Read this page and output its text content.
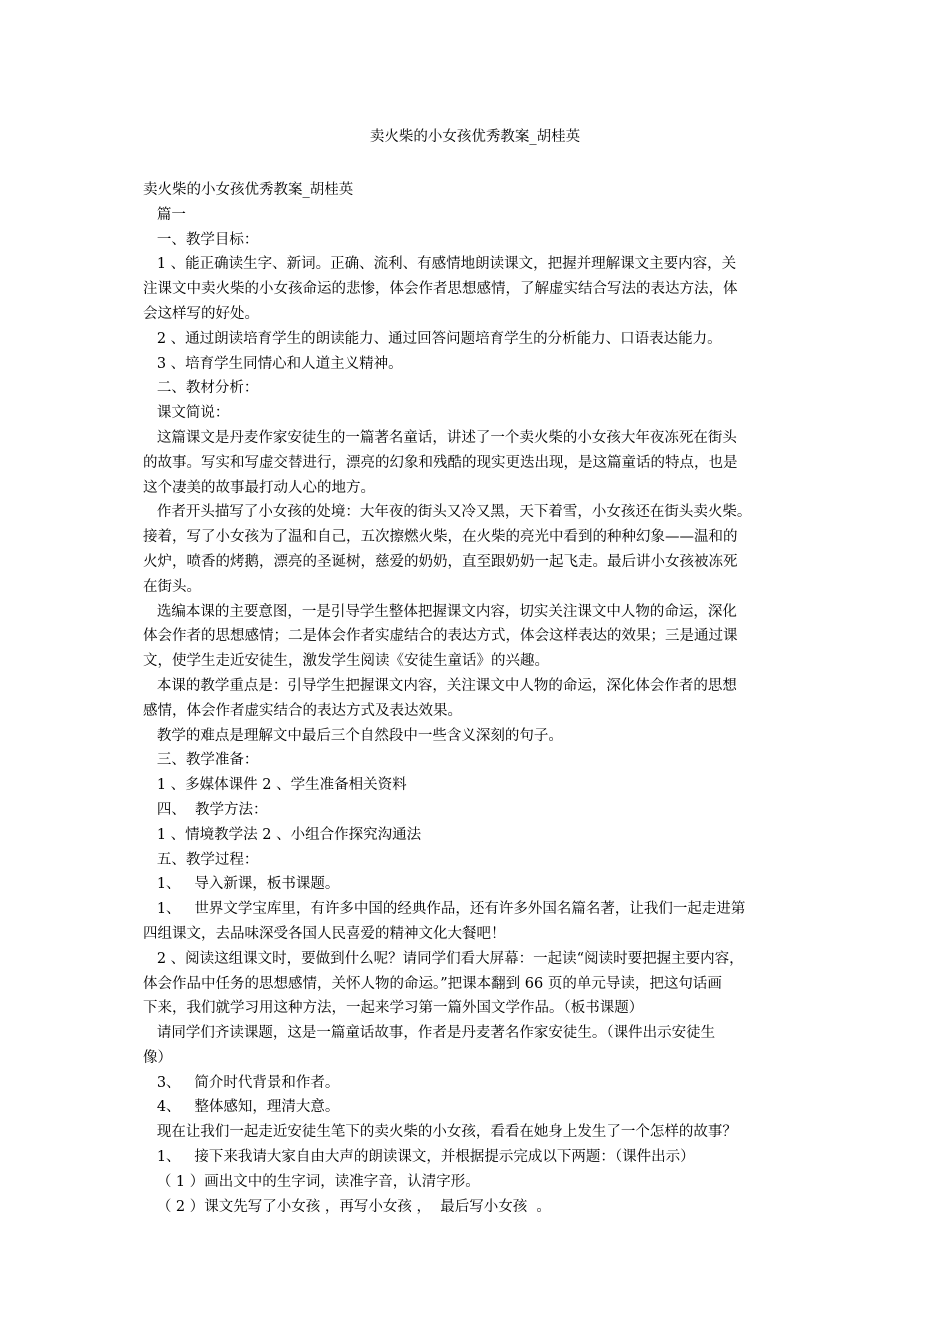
卖火柴的小女孩优秀教案_胡桂英
卖火柴的小女孩优秀教案_胡桂英
篇一
一、教学目标：
1 、能正确读生字、新词。正确、流利、有感情地朗读课文，把握并理解课文主要内容，关
注课文中卖火柴的小女孩命运的悲惨，体会作者思想感情，了解虚实结合写法的表达方法，体
会这样写的好处。
2 、通过朗读培育学生的朗读能力、通过回答问题培育学生的分析能力、口语表达能力。
3 、培育学生同情心和人道主义精神。
二、教材分析：
课文简说：
这篇课文是丹麦作家安徒生的一篇著名童话，讲述了一个卖火柴的小女孩大年夜冻死在街头
的故事。写实和写虚交替进行，漂亮的幻象和残酷的现实更迭出现，是这篇童话的特点，也是
这个凄美的故事最打动人心的地方。
作者开头描写了小女孩的处境：大年夜的街头又冷又黑，天下着雪，小女孩还在街头卖火柴。
接着，写了小女孩为了温和自己，五次擦燃火柴，在火柴的亮光中看到的种种幻象——温和的
火炉，喷香的烤鹅，漂亮的圣诞树，慈爱的奶奶，直至跟奶奶一起飞走。最后讲小女孩被冻死
在街头。
选编本课的主要意图，一是引导学生整体把握课文内容，切实关注课文中人物的命运，深化
体会作者的思想感情；二是体会作者实虚结合的表达方式，体会这样表达的效果；三是通过课
文，使学生走近安徒生，激发学生阅读《安徒生童话》的兴趣。
本课的教学重点是：引导学生把握课文内容，关注课文中人物的命运，深化体会作者的思想
感情，体会作者虚实结合的表达方式及表达效果。
教学的难点是理解文中最后三个自然段中一些含义深刻的句子。
三、教学准备：
1 、多媒体课件 2 、学生准备相关资料
四、  教学方法：
1 、情境教学法 2 、小组合作探究沟通法
五、教学过程：
1、   导入新课，板书课题。
1、   世界文学宝库里，有许多中国的经典作品，还有许多外国名篇名著，让我们一起走进第
四组课文，去品味深受各国人民喜爱的精神文化大餐吧！
2 、阅读这组课文时，要做到什么呢？请同学们看大屏幕：一起读“阅读时要把握主要内容，
体会作品中任务的思想感情，关怀人物的命运。”把课本翻到 66 页的单元导读，把这句话画
下来，我们就学习用这种方法，一起来学习第一篇外国文学作品。（板书课题）
请同学们齐读课题，这是一篇童话故事，作者是丹麦著名作家安徒生。（课件出示安徒生
像）
3、   简介时代背景和作者。
4、   整体感知，理清大意。
现在让我们一起走近安徒生笔下的卖火柴的小女孩，看看在她身上发生了一个怎样的故事？
1、   接下来我请大家自由大声的朗读课文，并根据提示完成以下两题：（课件出示）
（ 1 ）画出文中的生字词，读准字音，认清字形。
（ 2 ）课文先写了小女孩 ，再写小女孩 ，  最后写小女孩  。
